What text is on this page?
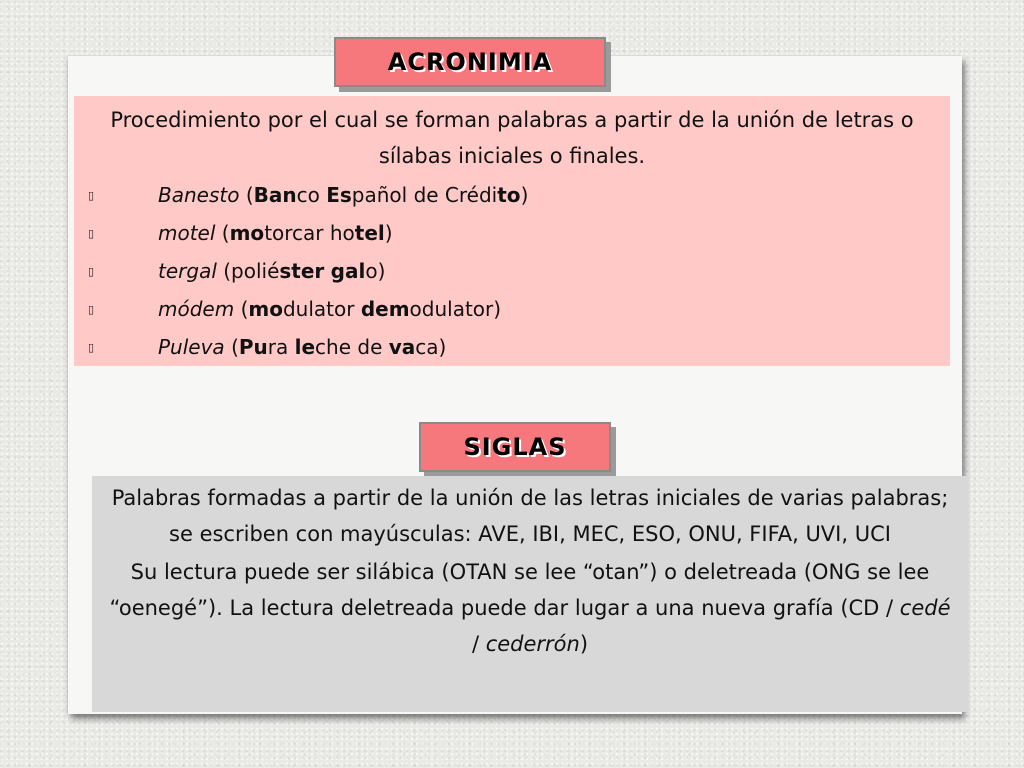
ACRONIMIA

Procedimiento por el cual se forman palabras a partir de la unión de letras o sílabas iniciales o finales.

▯	Banesto (Banco Español de Crédito)
▯	motel (motorcar hotel)
▯	tergal (poliéster galo)
▯	módem (modulator demodulator)
▯	Puleva (Pura leche de vaca)
SIGLAS

Palabras formadas a partir de la unión de las letras iniciales de varias palabras; se escriben con mayúsculas: AVE, IBI, MEC, ESO, ONU, FIFA, UVI, UCI

Su lectura puede ser silábica (OTAN se lee “otan”) o deletreada (ONG se lee “oenegé”). La lectura deletreada puede dar lugar a una nueva grafía (CD / cedé / cederrón)
